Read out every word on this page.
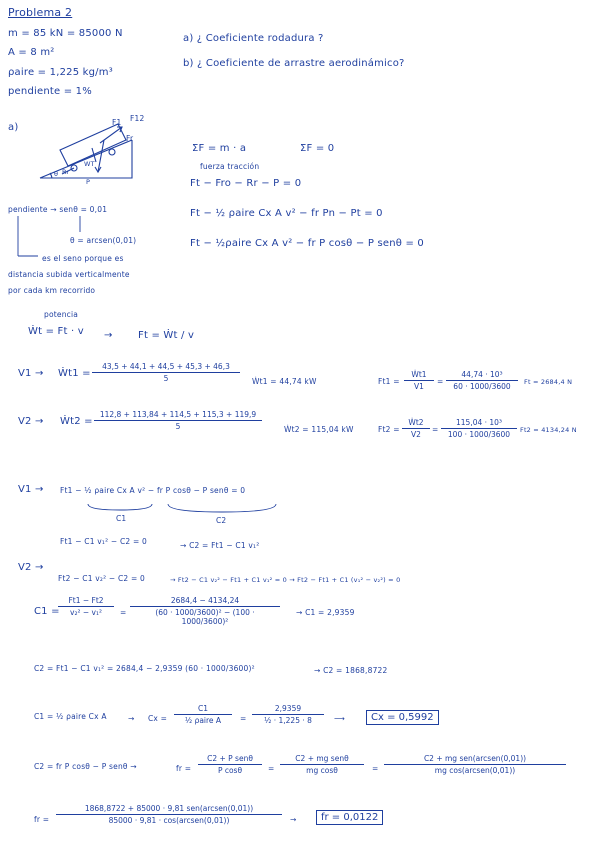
Problema 2
m = 85 kN = 85000 N
A = 8 m²
ρaire = 1,225 kg/m³
pendiente = 1%
a) ¿ Coeficiente rodadura ?
b) ¿ Coeficiente de arrastre aerodinámico?
a)	F1 F12
Fr
Rr
P
θ
WT
ΣF = m · a	ΣF = 0
fuerza tracción
Ft − Fro − Rr − P = 0
Ft − ½ ρaire Cx A v² − fr Pn − Pt = 0
Ft − ½ρaire Cx A v² − fr P cosθ − P senθ = 0
pendiente → senθ = 0,01
θ = arcsen(0,01)
es el seno porque es
distancia subida verticalmente
por cada km recorrido
potencia
Ẇt = Ft · v →	Ft = Ẇt / v
V1 → Ẇt1 =
43,5 + 44,1 + 44,5 + 45,3 + 46,3
5	Ẇt1 = 44,74 kW	Ft1 =
Ẇt1
V1
=
44,74 · 10³
60 · 1000/3600	Ft = 2684,4 N
V2 → Ẇt2 =
112,8 + 113,84 + 114,5 + 115,3 + 119,9
5	Ẇt2 = 115,04 kW	Ft2 =
Ẇt2
V2
=
115,04 · 10³
100 · 1000/3600	Ft2 = 4134,24 N
V1 → Ft1 − ½ ρaire Cx A v² − fr P cosθ − P senθ = 0
C1	C2
Ft1 − C1 v₁² − C2 = 0	→ C2 = Ft1 − C1 v₁²
V2 →
Ft2 − C1 v₂² − C2 = 0	→ Ft2 − C1 v₂² − Ft1 + C1 v₁² = 0 → Ft2 − Ft1 + C1 (v₁² − v₂²) = 0
C1 =
Ft1 − Ft2
v₂² − v₁²	=
2684,4 − 4134,24
(60 · 1000/3600)² − (100 · 1000/3600)²
→ C1 = 2,9359
C2 = Ft1 − C1 v₁² = 2684,4 − 2,9359 (60 · 1000/3600)²	→ C2 = 1868,8722
C1 = ½ ρaire Cx A	→ Cx =
C1
½ ρaire A	=
2,9359
½ · 1,225 · 8	⟶	Cx = 0,5992
C2 = fr P cosθ − P senθ →	fr =
C2 + P senθ
P cosθ	=
C2 + mg senθ
mg cosθ	=
C2 + mg sen(arcsen(0,01))
mg cos(arcsen(0,01))
fr =
1868,8722 + 85000 · 9,81 sen(arcsen(0,01))
85000 · 9,81 · cos(arcsen(0,01))	→	fr = 0,0122
